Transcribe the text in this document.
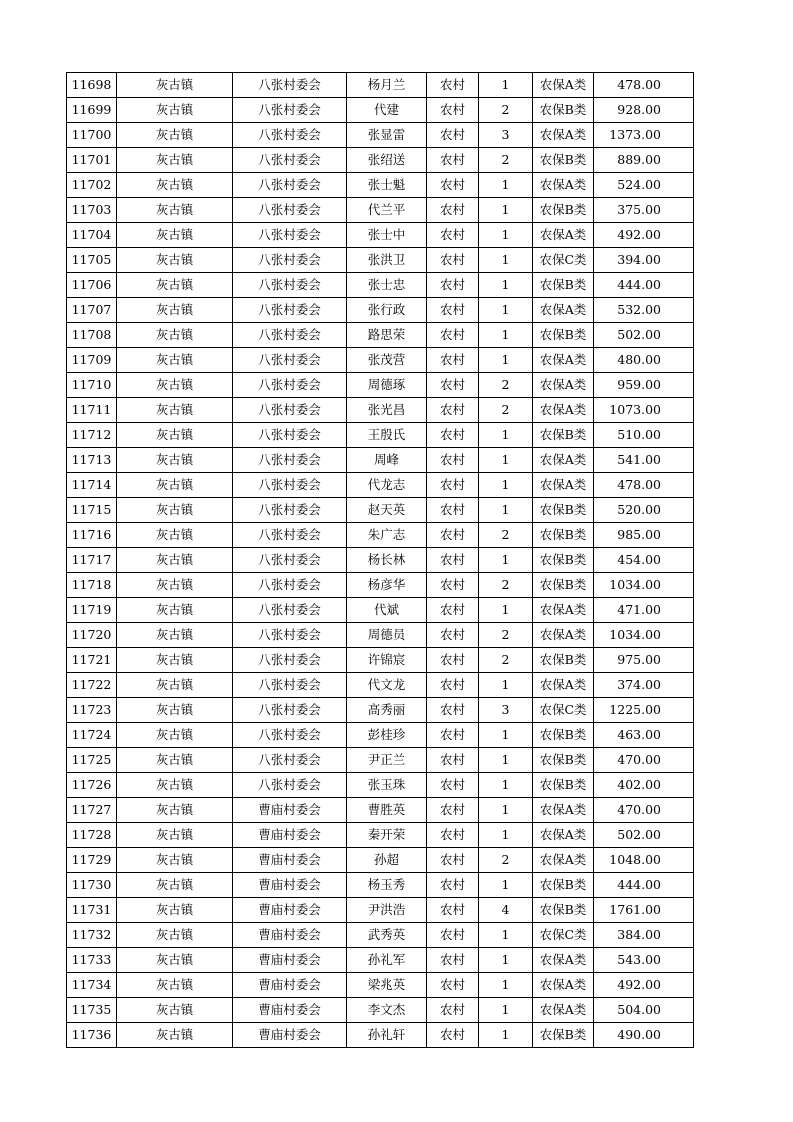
11698	灰古镇	八张村委会	杨月兰	农村	1	农保A类	478.00
11699	灰古镇	八张村委会	代建	农村	2	农保B类	928.00
11700	灰古镇	八张村委会	张显雷	农村	3	农保A类	1373.00
11701	灰古镇	八张村委会	张绍送	农村	2	农保B类	889.00
11702	灰古镇	八张村委会	张士魁	农村	1	农保A类	524.00
11703	灰古镇	八张村委会	代兰平	农村	1	农保B类	375.00
11704	灰古镇	八张村委会	张士中	农村	1	农保A类	492.00
11705	灰古镇	八张村委会	张洪卫	农村	1	农保C类	394.00
11706	灰古镇	八张村委会	张士忠	农村	1	农保B类	444.00
11707	灰古镇	八张村委会	张行政	农村	1	农保A类	532.00
11708	灰古镇	八张村委会	路思荣	农村	1	农保B类	502.00
11709	灰古镇	八张村委会	张茂营	农村	1	农保A类	480.00
11710	灰古镇	八张村委会	周德琢	农村	2	农保A类	959.00
11711	灰古镇	八张村委会	张光昌	农村	2	农保A类	1073.00
11712	灰古镇	八张村委会	王殷氏	农村	1	农保B类	510.00
11713	灰古镇	八张村委会	周峰	农村	1	农保A类	541.00
11714	灰古镇	八张村委会	代龙志	农村	1	农保A类	478.00
11715	灰古镇	八张村委会	赵天英	农村	1	农保B类	520.00
11716	灰古镇	八张村委会	朱广志	农村	2	农保B类	985.00
11717	灰古镇	八张村委会	杨长林	农村	1	农保B类	454.00
11718	灰古镇	八张村委会	杨彦华	农村	2	农保B类	1034.00
11719	灰古镇	八张村委会	代斌	农村	1	农保A类	471.00
11720	灰古镇	八张村委会	周德员	农村	2	农保A类	1034.00
11721	灰古镇	八张村委会	许锦宸	农村	2	农保B类	975.00
11722	灰古镇	八张村委会	代文龙	农村	1	农保A类	374.00
11723	灰古镇	八张村委会	高秀丽	农村	3	农保C类	1225.00
11724	灰古镇	八张村委会	彭桂珍	农村	1	农保B类	463.00
11725	灰古镇	八张村委会	尹正兰	农村	1	农保B类	470.00
11726	灰古镇	八张村委会	张玉珠	农村	1	农保B类	402.00
11727	灰古镇	曹庙村委会	曹胜英	农村	1	农保A类	470.00
11728	灰古镇	曹庙村委会	秦开荣	农村	1	农保A类	502.00
11729	灰古镇	曹庙村委会	孙超	农村	2	农保A类	1048.00
11730	灰古镇	曹庙村委会	杨玉秀	农村	1	农保B类	444.00
11731	灰古镇	曹庙村委会	尹洪浩	农村	4	农保B类	1761.00
11732	灰古镇	曹庙村委会	武秀英	农村	1	农保C类	384.00
11733	灰古镇	曹庙村委会	孙礼军	农村	1	农保A类	543.00
11734	灰古镇	曹庙村委会	梁兆英	农村	1	农保A类	492.00
11735	灰古镇	曹庙村委会	李文杰	农村	1	农保A类	504.00
11736	灰古镇	曹庙村委会	孙礼轩	农村	1	农保B类	490.00
